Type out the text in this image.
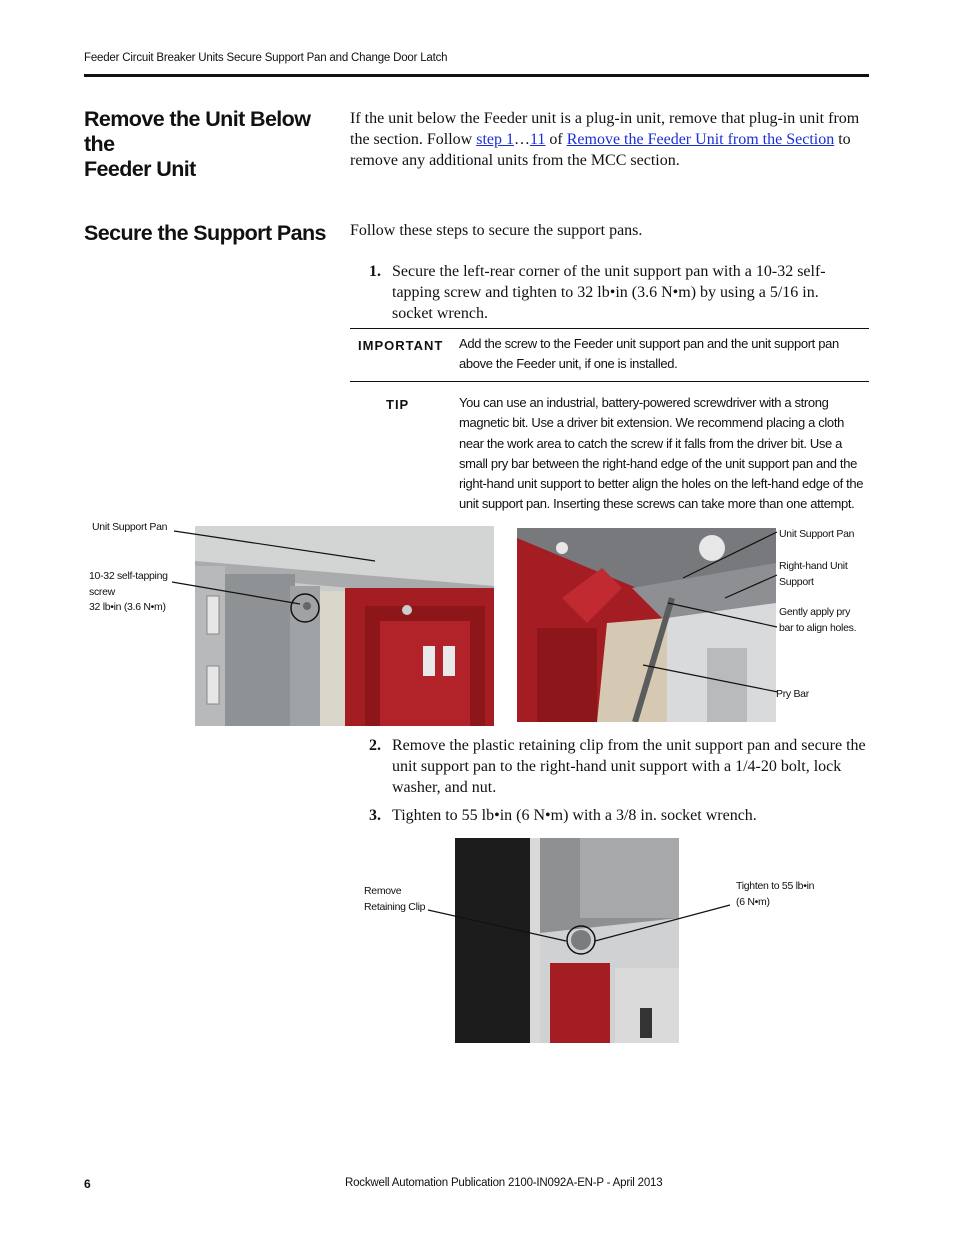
Feeder Circuit Breaker Units Secure Support Pan and Change Door Latch
Remove the Unit Below the
Feeder Unit
If the unit below the Feeder unit is a plug-in unit, remove that plug-in unit from the section. Follow step 1…11 of Remove the Feeder Unit from the Section to remove any additional units from the MCC section.
Secure the Support Pans Follow these steps to secure the support pans.
1. Secure the left-rear corner of the unit support pan with a 10-32 self-tapping screw and tighten to 32 lb•in (3.6 N•m) by using a 5/16 in. socket wrench.
IMPORTANT Add the screw to the Feeder unit support pan and the unit support pan above the Feeder unit, if one is installed.
TIP	You can use an industrial, battery-powered screwdriver with a strong magnetic bit. Use a driver bit extension. We recommend placing a cloth near the work area to catch the screw if it falls from the driver bit. Use a small pry bar between the right-hand edge of the unit support pan and the right-hand unit support to better align the holes on the left-hand edge of the unit support pan. Inserting these screws can take more than one attempt.
Unit Support Pan
10-32 self-tapping
screw
32 lb•in (3.6 N•m)
Unit Support Pan
Right-hand Unit
Support
Gently apply pry
bar to align holes.
Pry Bar
2. Remove the plastic retaining clip from the unit support pan and secure the unit support pan to the right-hand unit support with a 1/4-20 bolt, lock washer, and nut.
3. Tighten to 55 lb•in (6 N•m) with a 3/8 in. socket wrench.
Remove
Retaining Clip
Tighten to 55 lb•in
(6 N•m)
6	Rockwell Automation Publication 2100-IN092A-EN-P - April 2013
